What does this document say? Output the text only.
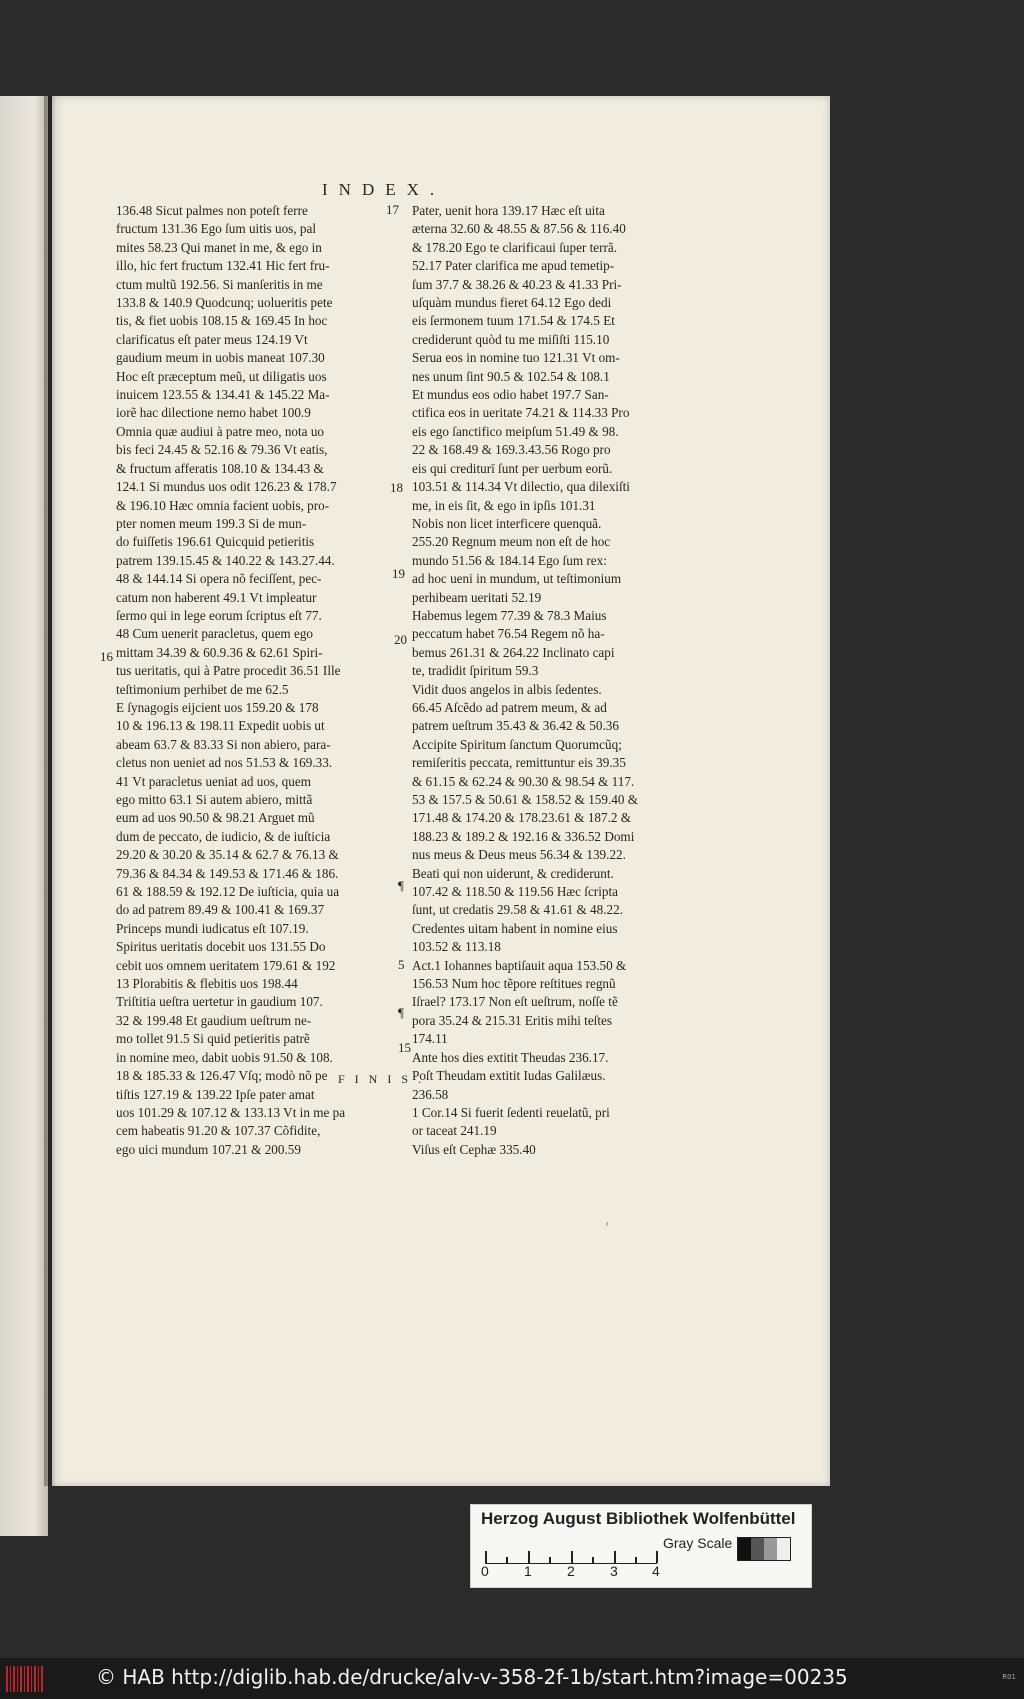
INDEX.
136.48 Sicut palmes non poteſt ferre
fructum 131.36 Ego ſum uitis uos, pal
mites 58.23 Qui manet in me, & ego in
illo, hic fert fructum 132.41 Hic fert fru-
ctum multũ 192.56. Si manſeritis in me
133.8 & 140.9 Quodcunq; uolueritis pete
tis, & fiet uobis 108.15 & 169.45 In hoc
clarificatus eſt pater meus 124.19 Vt
gaudium meum in uobis maneat 107.30
Hoc eſt præceptum meũ, ut diligatis uos
inuicem 123.55 & 134.41 & 145.22 Ma-
iorẽ hac dilectione nemo habet 100.9
Omnia quæ audiui à patre meo, nota uo
bis feci 24.45 & 52.16 & 79.36 Vt eatis,
& fructum afferatis 108.10 & 134.43 &
124.1 Si mundus uos odit 126.23 & 178.7
& 196.10 Hæc omnia facient uobis, pro-
pter nomen meum 199.3 Si de mun-
do fuiſſetis 196.61 Quicquid petieritis
patrem 139.15.45 & 140.22 & 143.27.44.
48 & 144.14 Si opera nõ feciſſent, pec-
catum non haberent 49.1 Vt impleatur
ſermo qui in lege eorum ſcriptus eſt 77.
48 Cum uenerit paracletus, quem ego
mittam 34.39 & 60.9.36 & 62.61 Spiri-
tus ueritatis, qui à Patre procedit 36.51 Ille
teſtimonium perhibet de me 62.5
E ſynagogis eijcient uos 159.20 & 178
10 & 196.13 & 198.11 Expedit uobis ut
abeam 63.7 & 83.33 Si non abiero, para-
cletus non ueniet ad nos 51.53 & 169.33.
41 Vt paracletus ueniat ad uos, quem
ego mitto 63.1 Si autem abiero, mittã
eum ad uos 90.50 & 98.21 Arguet mũ
dum de peccato, de iudicio, & de iuſticia
29.20 & 30.20 & 35.14 & 62.7 & 76.13 &
79.36 & 84.34 & 149.53 & 171.46 & 186.
61 & 188.59 & 192.12 De iuſticia, quia ua
do ad patrem 89.49 & 100.41 & 169.37
Princeps mundi iudicatus eſt 107.19.
Spiritus ueritatis docebit uos 131.55 Do
cebit uos omnem ueritatem 179.61 & 192
13 Plorabitis & flebitis uos 198.44
Triſtitia ueſtra uertetur in gaudium 107.
32 & 199.48 Et gaudium ueſtrum ne-
mo tollet 91.5 Si quid petieritis patrẽ
in nomine meo, dabit uobis 91.50 & 108.
18 & 185.33 & 126.47 Vſq; modò nõ pe
tiſtis 127.19 & 139.22 Ipſe pater amat
uos 101.29 & 107.12 & 133.13 Vt in me pa
cem habeatis 91.20 & 107.37 Cõfidite,
ego uici mundum 107.21 & 200.59
Pater, uenit hora 139.17 Hæc eſt uita
æterna 32.60 & 48.55 & 87.56 & 116.40
& 178.20 Ego te clarificaui ſuper terrã.
52.17 Pater clarifica me apud temetip-
ſum 37.7 & 38.26 & 40.23 & 41.33 Pri-
uſquàm mundus fieret 64.12 Ego dedi
eis ſermonem tuum 171.54 & 174.5 Et
crediderunt quòd tu me miſiſti 115.10
Serua eos in nomine tuo 121.31 Vt om-
nes unum ſint 90.5 & 102.54 & 108.1
Et mundus eos odio habet 197.7 San-
ctifica eos in ueritate 74.21 & 114.33 Pro
eis ego ſanctifico meipſum 51.49 & 98.
22 & 168.49 & 169.3.43.56 Rogo pro
eis qui crediturī ſunt per uerbum eorũ.
103.51 & 114.34 Vt dilectio, qua dilexiſti
me, in eis ſit, & ego in ipſis 101.31
Nobis non licet interficere quenquã.
255.20 Regnum meum non eſt de hoc
mundo 51.56 & 184.14 Ego ſum rex:
ad hoc ueni in mundum, ut teſtimonium
perhibeam ueritati 52.19
Habemus legem 77.39 & 78.3 Maius
peccatum habet 76.54 Regem nõ ha-
bemus 261.31 & 264.22 Inclinato capi
te, tradidit ſpiritum 59.3
Vidit duos angelos in albis ſedentes.
66.45 Aſcẽdo ad patrem meum, & ad
patrem ueſtrum 35.43 & 36.42 & 50.36
Accipite Spiritum ſanctum Quorumcũq;
remiſeritis peccata, remittuntur eis 39.35
& 61.15 & 62.24 & 90.30 & 98.54 & 117.
53 & 157.5 & 50.61 & 158.52 & 159.40 &
171.48 & 174.20 & 178.23.61 & 187.2 &
188.23 & 189.2 & 192.16 & 336.52 Domi
nus meus & Deus meus 56.34 & 139.22.
Beati qui non uiderunt, & crediderunt.
107.42 & 118.50 & 119.56 Hæc ſcripta
ſunt, ut credatis 29.58 & 41.61 & 48.22.
Credentes uitam habent in nomine eius
103.52 & 113.18
Act.1 Iohannes baptiſauit aqua 153.50 &
156.53 Num hoc tẽpore reſtitues regnũ
Iſrael? 173.17 Non eſt ueſtrum, noſſe tẽ
pora 35.24 & 215.31 Eritis mihi teſtes
174.11
Ante hos dies extitit Theudas 236.17.
Poſt Theudam extitit Iudas Galilæus.
236.58
1 Cor.14 Si fuerit ſedenti reuelatũ, pri
or taceat 241.19
Viſus eſt Cephæ 335.40
17
18
19
20
16
5
15
¶
¶
FINIS.
ʹ
Herzog August Bibliothek Wolfenbüttel
0	1	2	3 4
Gray Scale
© HAB http://diglib.hab.de/drucke/alv-v-358-2f-1b/start.htm?image=00235	R01
